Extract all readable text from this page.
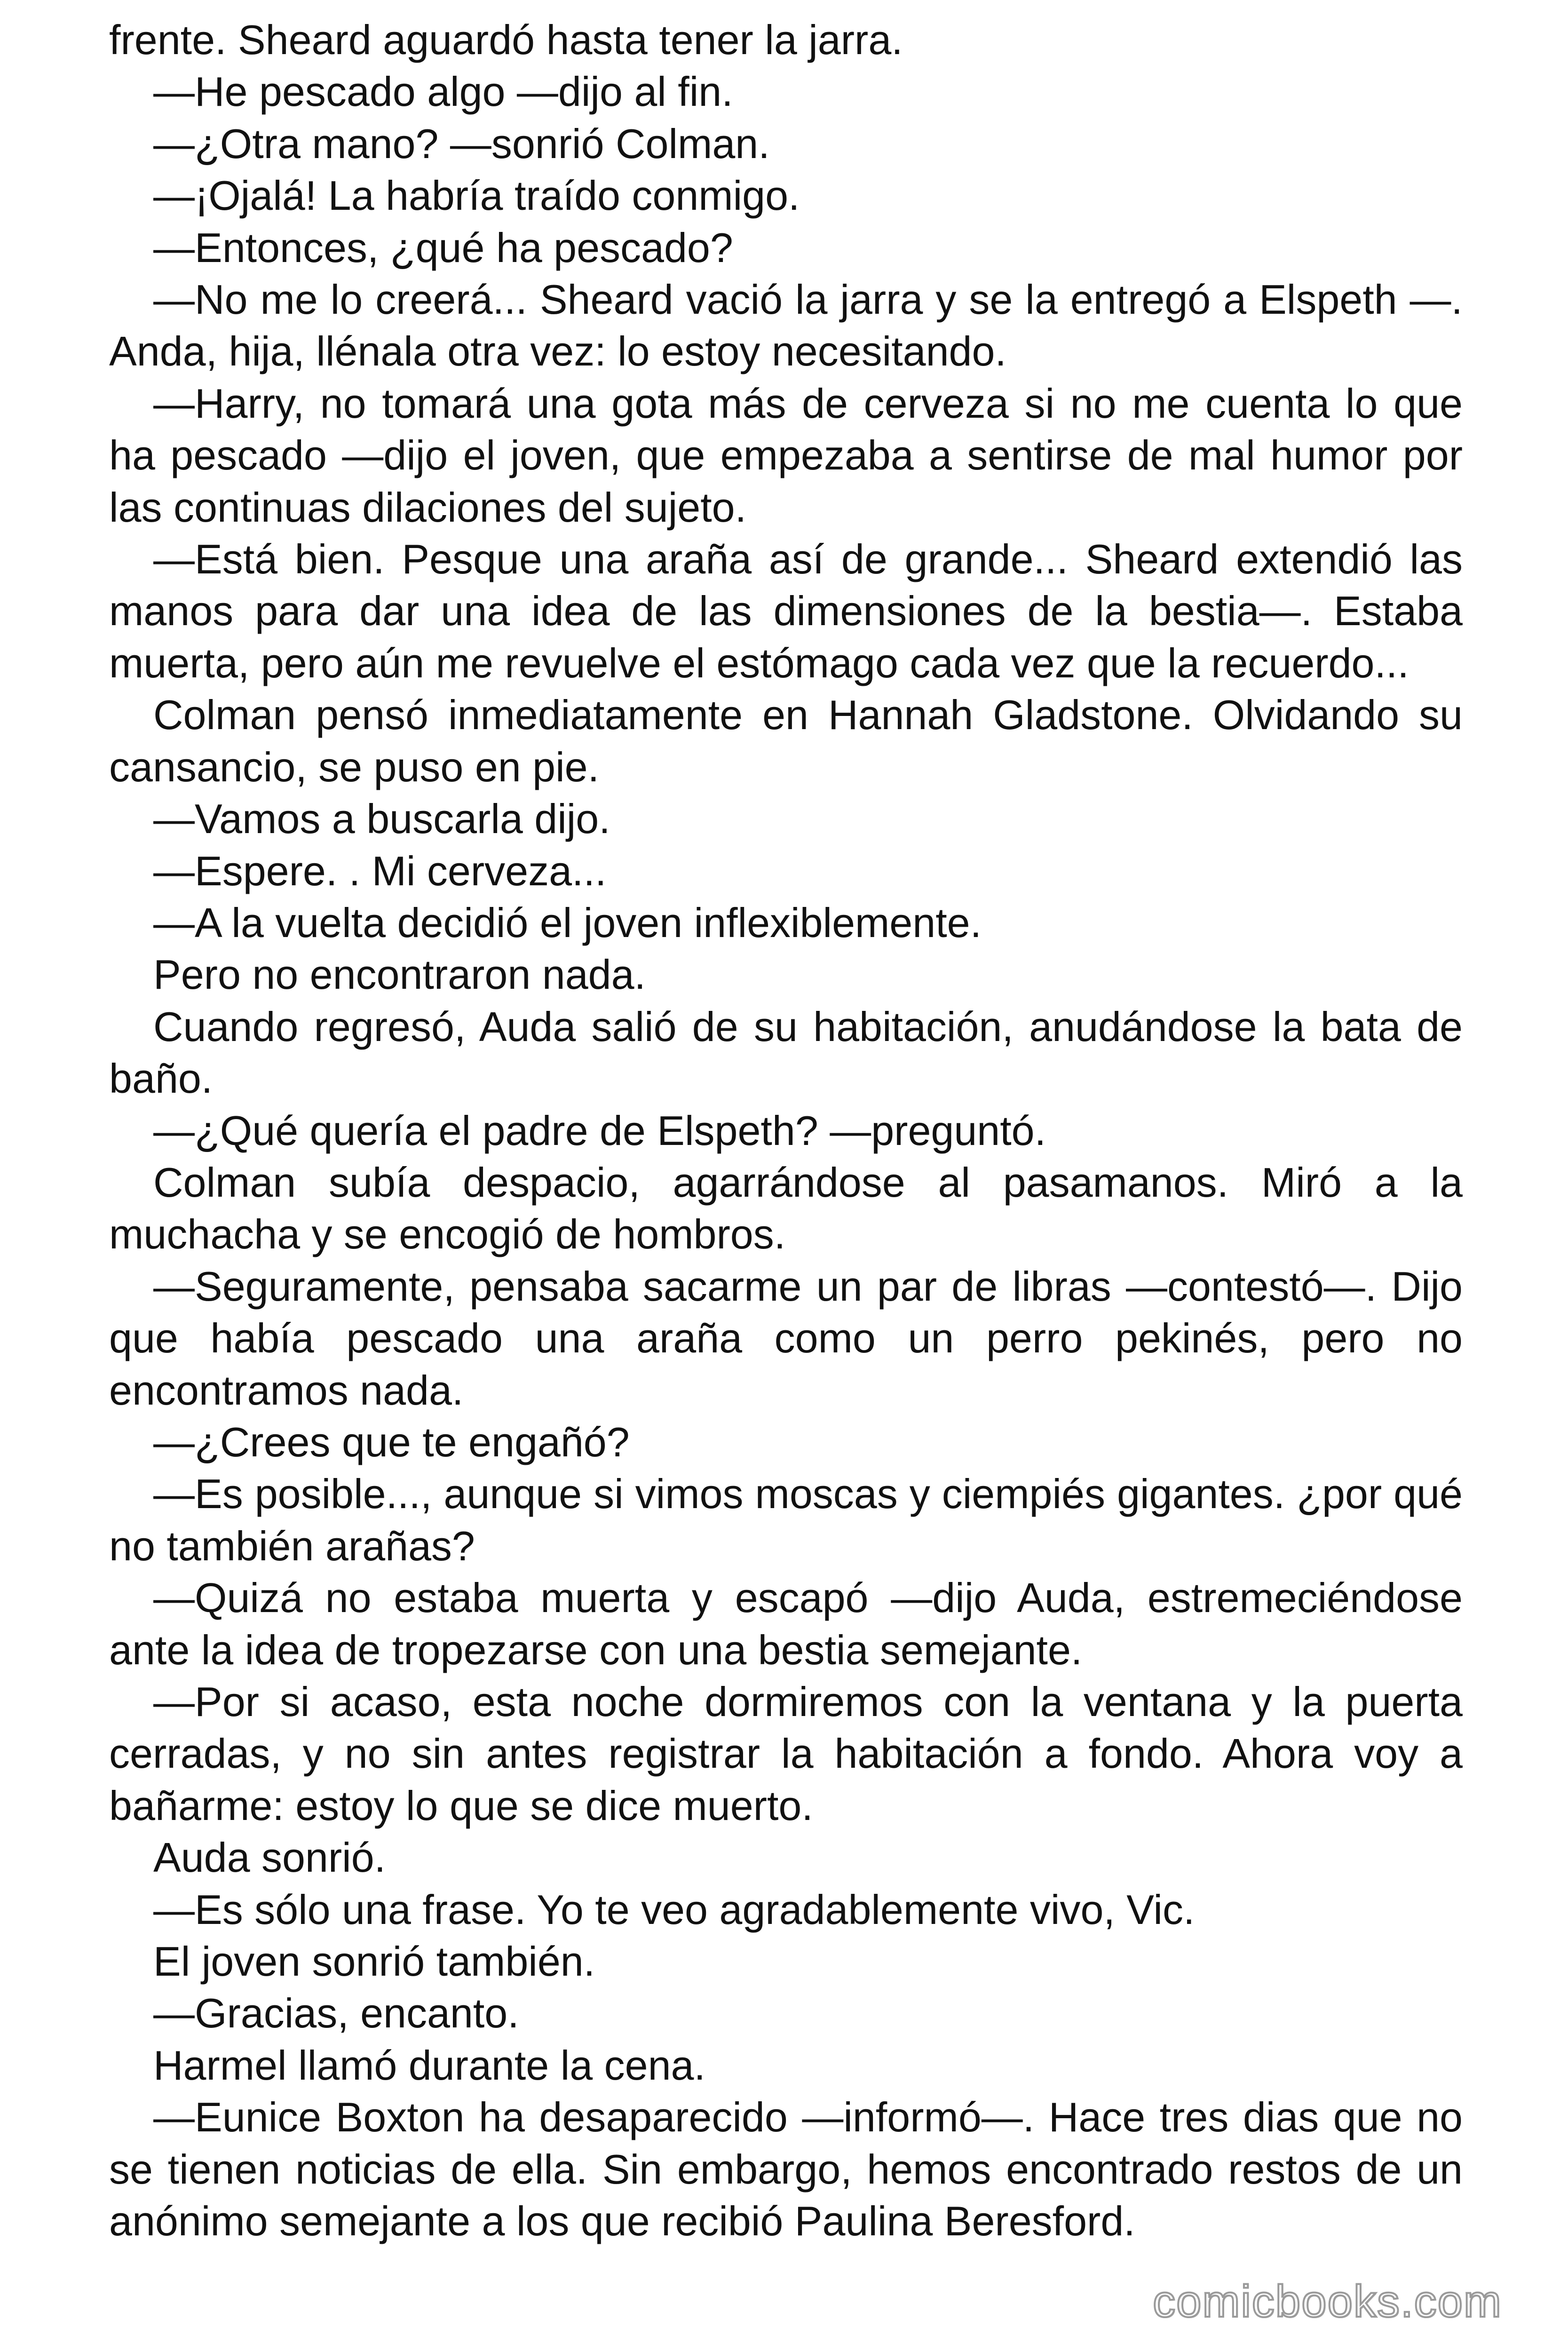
frente. Sheard aguardó hasta tener la jarra.

—He pescado algo —dijo al fin.

—¿Otra mano? —sonrió Colman.

—¡Ojalá! La habría traído conmigo.

—Entonces, ¿qué ha pescado?

—No me lo creerá... Sheard vació la jarra y se la entregó a Elspeth —. Anda, hija, llénala otra vez: lo estoy necesitando.

—Harry, no tomará una gota más de cerveza si no me cuenta lo que ha pescado —dijo el joven, que empezaba a sentirse de mal humor por las continuas dilaciones del sujeto.

—Está bien. Pesque una araña así de grande... Sheard extendió las manos para dar una idea de las dimensiones de la bestia—. Estaba muerta, pero aún me revuelve el estómago cada vez que la recuerdo...

Colman pensó inmediatamente en Hannah Gladstone. Olvidando su cansancio, se puso en pie.

—Vamos a buscarla dijo.

—Espere. . Mi cerveza...

—A la vuelta decidió el joven inflexiblemente.

Pero no encontraron nada.

Cuando regresó, Auda salió de su habitación, anudándose la bata de baño.

—¿Qué quería el padre de Elspeth? —preguntó.

Colman subía despacio, agarrándose al pasamanos. Miró a la muchacha y se encogió de hombros.

—Seguramente, pensaba sacarme un par de libras —contestó—. Dijo que había pescado una araña como un perro pekinés, pero no encontramos nada.

—¿Crees que te engañó?

—Es posible..., aunque si vimos moscas y ciempiés gigantes. ¿por qué no también arañas?

—Quizá no estaba muerta y escapó —dijo Auda, estremeciéndose ante la idea de tropezarse con una bestia semejante.

—Por si acaso, esta noche dormiremos con la ventana y la puerta cerradas, y no sin antes registrar la habitación a fondo. Ahora voy a bañarme: estoy lo que se dice muerto.

Auda sonrió.

—Es sólo una frase. Yo te veo agradablemente vivo, Vic.

El joven sonrió también.

—Gracias, encanto.

Harmel llamó durante la cena.

—Eunice Boxton ha desaparecido —informó—. Hace tres dias que no se tienen noticias de ella. Sin embargo, hemos encontrado restos de un anónimo semejante a los que recibió Paulina Beresford.

comicbooks.com
